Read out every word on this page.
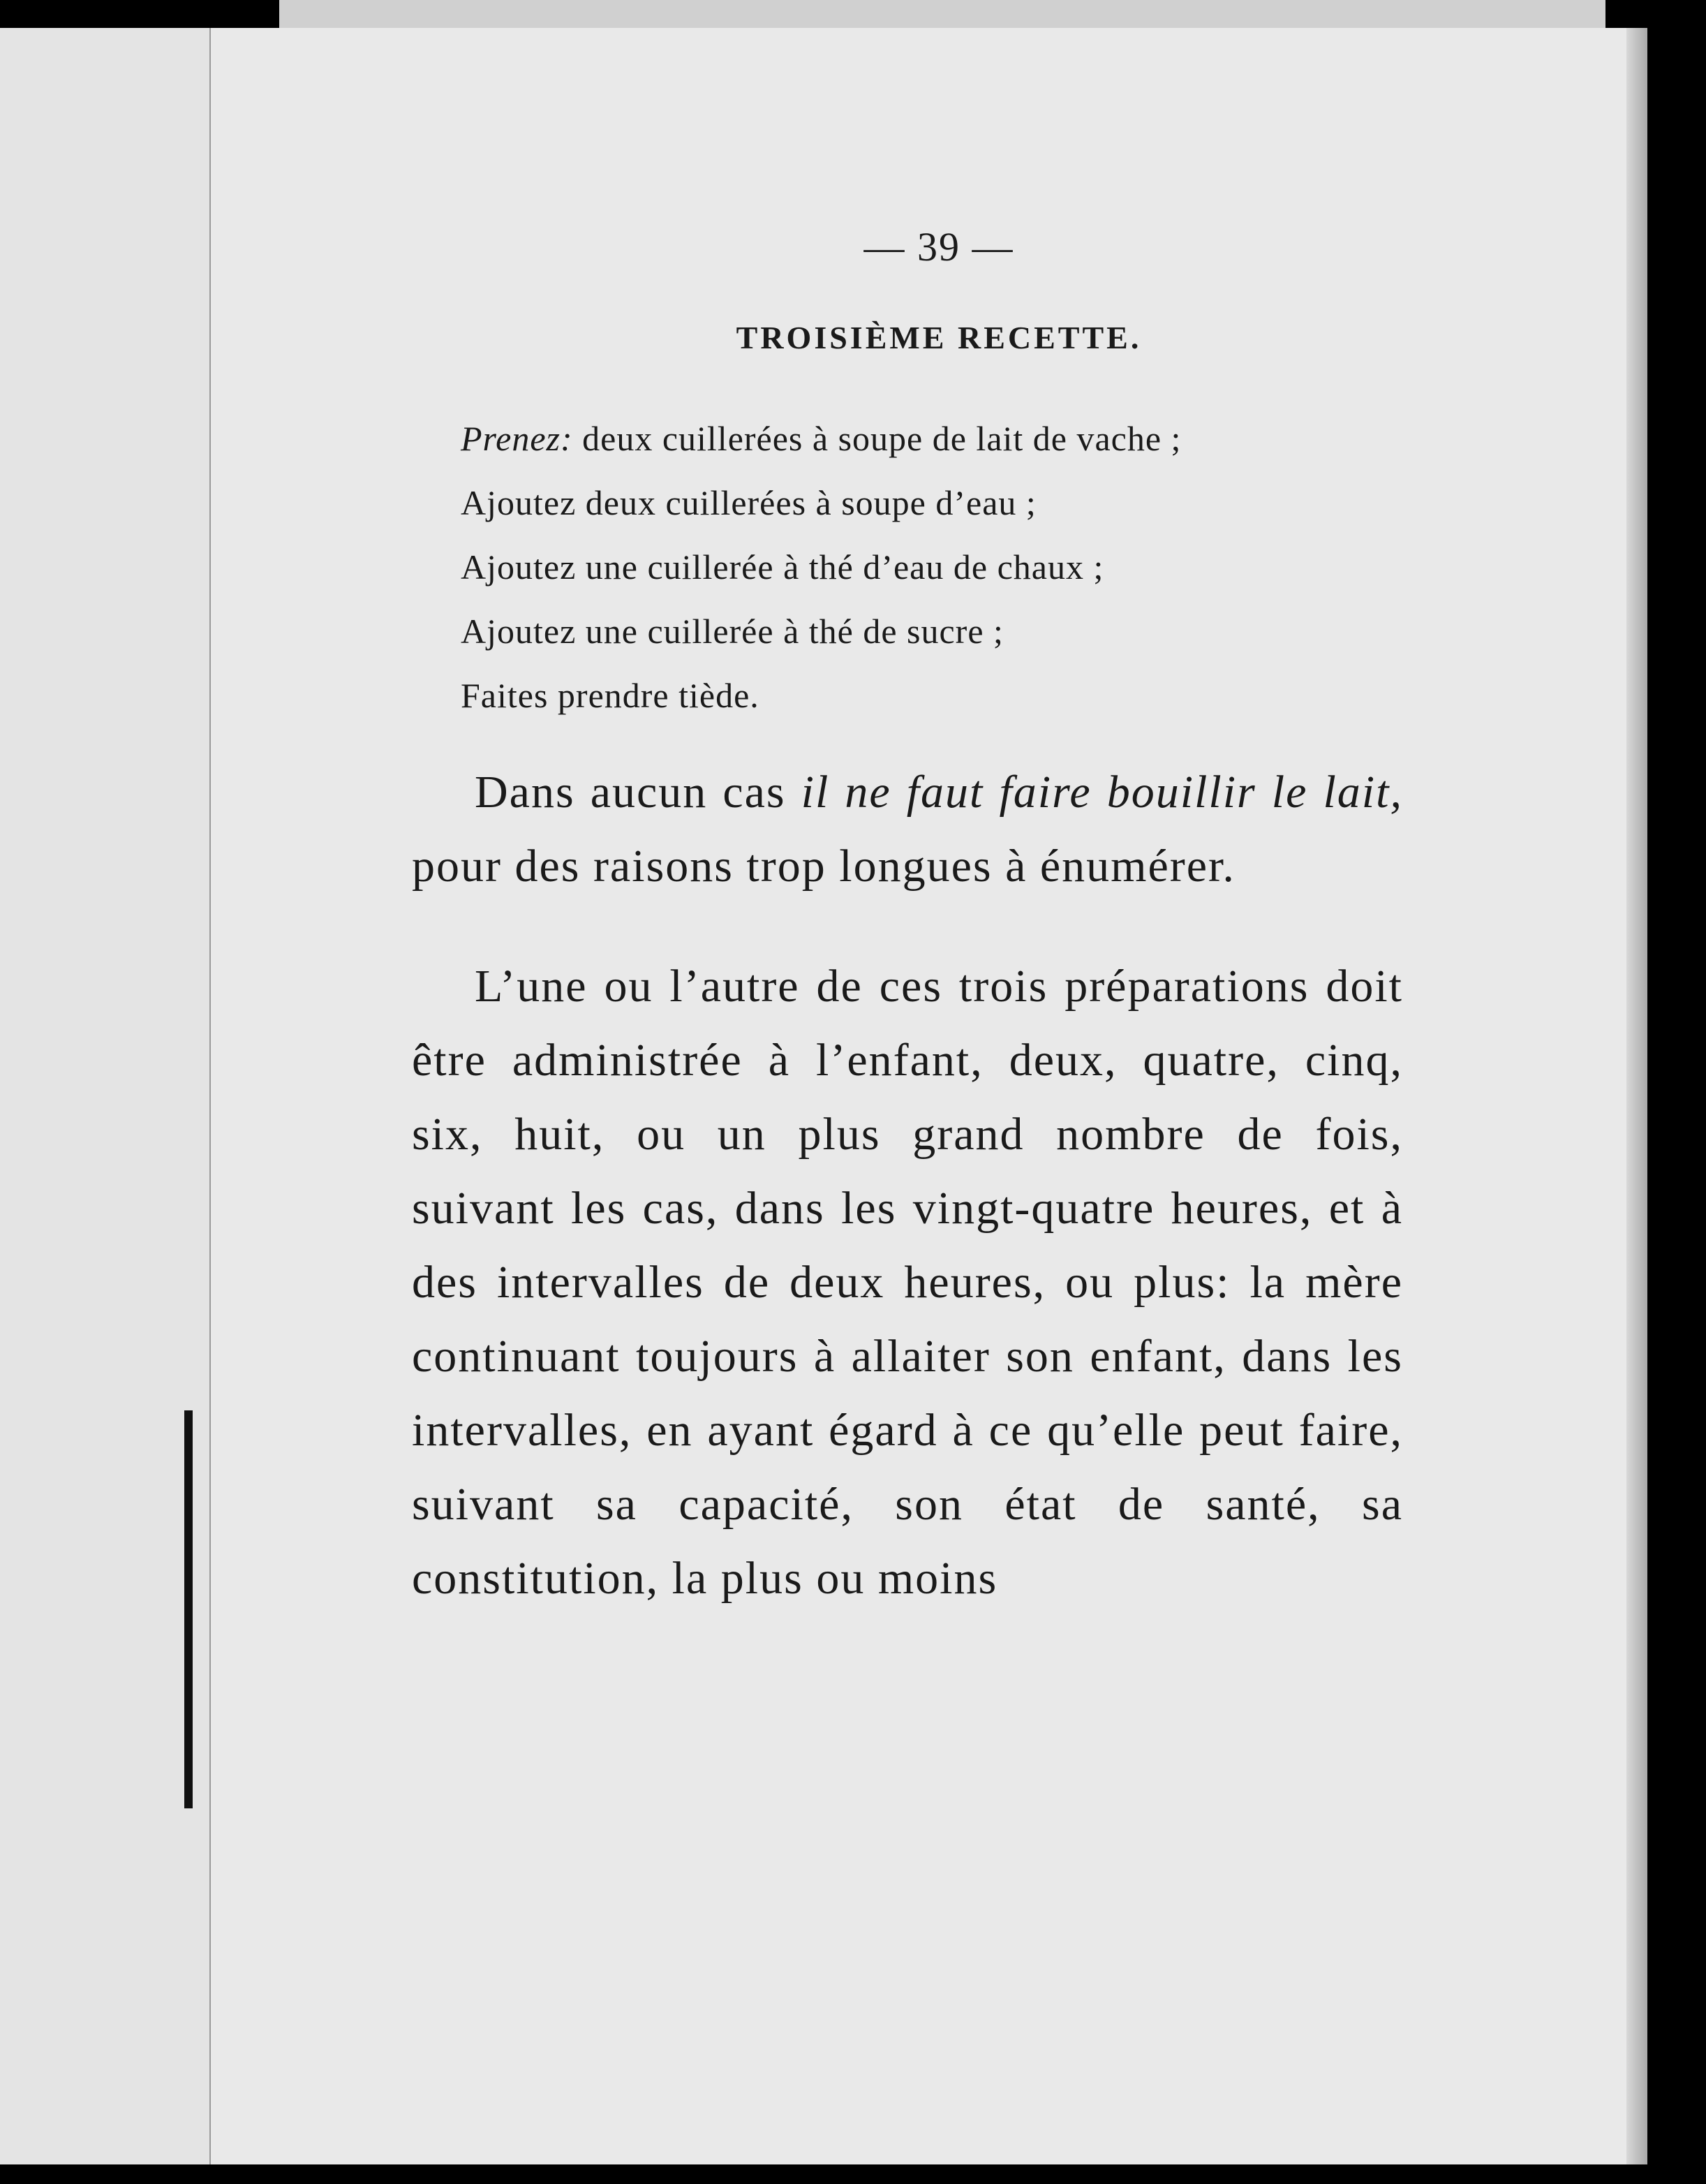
— 39 —
TROISIÈME RECETTE.
Prenez: deux cuillerées à soupe de lait de vache ;
Ajoutez deux cuillerées à soupe d’eau ;
Ajoutez une cuillerée à thé d’eau de chaux ;
Ajoutez une cuillerée à thé de sucre ;
Faites prendre tiède.

Dans aucun cas il ne faut faire bouillir le lait, pour des raisons trop longues à énumérer.

L’une ou l’autre de ces trois préparations doit être administrée à l’enfant, deux, quatre, cinq, six, huit, ou un plus grand nombre de fois, suivant les cas, dans les vingt-quatre heures, et à des intervalles de deux heures, ou plus: la mère continuant toujours à allaiter son enfant, dans les intervalles, en ayant égard à ce qu’elle peut faire, suivant sa capacité, son état de santé, sa constitution, la plus ou moins
